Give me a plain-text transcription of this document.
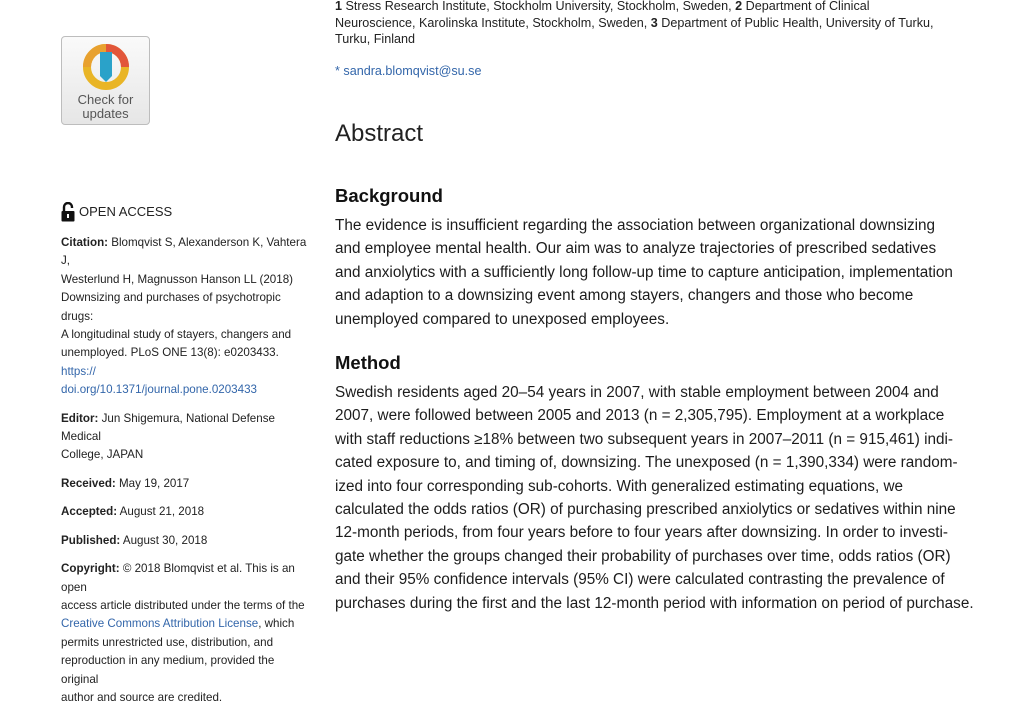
Check for
updates
1 Stress Research Institute, Stockholm University, Stockholm, Sweden, 2 Department of Clinical
Neuroscience, Karolinska Institute, Stockholm, Sweden, 3 Department of Public Health, University of Turku,
Turku, Finland
* sandra.blomqvist@su.se
OPEN ACCESS
Citation: Blomqvist S, Alexanderson K, Vahtera J,
Westerlund H, Magnusson Hanson LL (2018)
Downsizing and purchases of psychotropic drugs:
A longitudinal study of stayers, changers and
unemployed. PLoS ONE 13(8): e0203433. https://
doi.org/10.1371/journal.pone.0203433
Editor: Jun Shigemura, National Defense Medical
College, JAPAN
Received: May 19, 2017
Accepted: August 21, 2018
Published: August 30, 2018
Copyright: © 2018 Blomqvist et al. This is an open
access article distributed under the terms of the
Creative Commons Attribution License, which
permits unrestricted use, distribution, and
reproduction in any medium, provided the original
author and source are credited.
Abstract
Background

The evidence is insufficient regarding the association between organizational downsizing
and employee mental health. Our aim was to analyze trajectories of prescribed sedatives
and anxiolytics with a sufficiently long follow-up time to capture anticipation, implementation
and adaption to a downsizing event among stayers, changers and those who become
unemployed compared to unexposed employees.

Method

Swedish residents aged 20–54 years in 2007, with stable employment between 2004 and
2007, were followed between 2005 and 2013 (n = 2,305,795). Employment at a workplace
with staff reductions ≥18% between two subsequent years in 2007–2011 (n = 915,461) indi-
cated exposure to, and timing of, downsizing. The unexposed (n = 1,390,334) were random-
ized into four corresponding sub-cohorts. With generalized estimating equations, we
calculated the odds ratios (OR) of purchasing prescribed anxiolytics or sedatives within nine
12-month periods, from four years before to four years after downsizing. In order to investi-
gate whether the groups changed their probability of purchases over time, odds ratios (OR)
and their 95% confidence intervals (95% CI) were calculated contrasting the prevalence of
purchases during the first and the last 12-month period with information on period of purchase.
